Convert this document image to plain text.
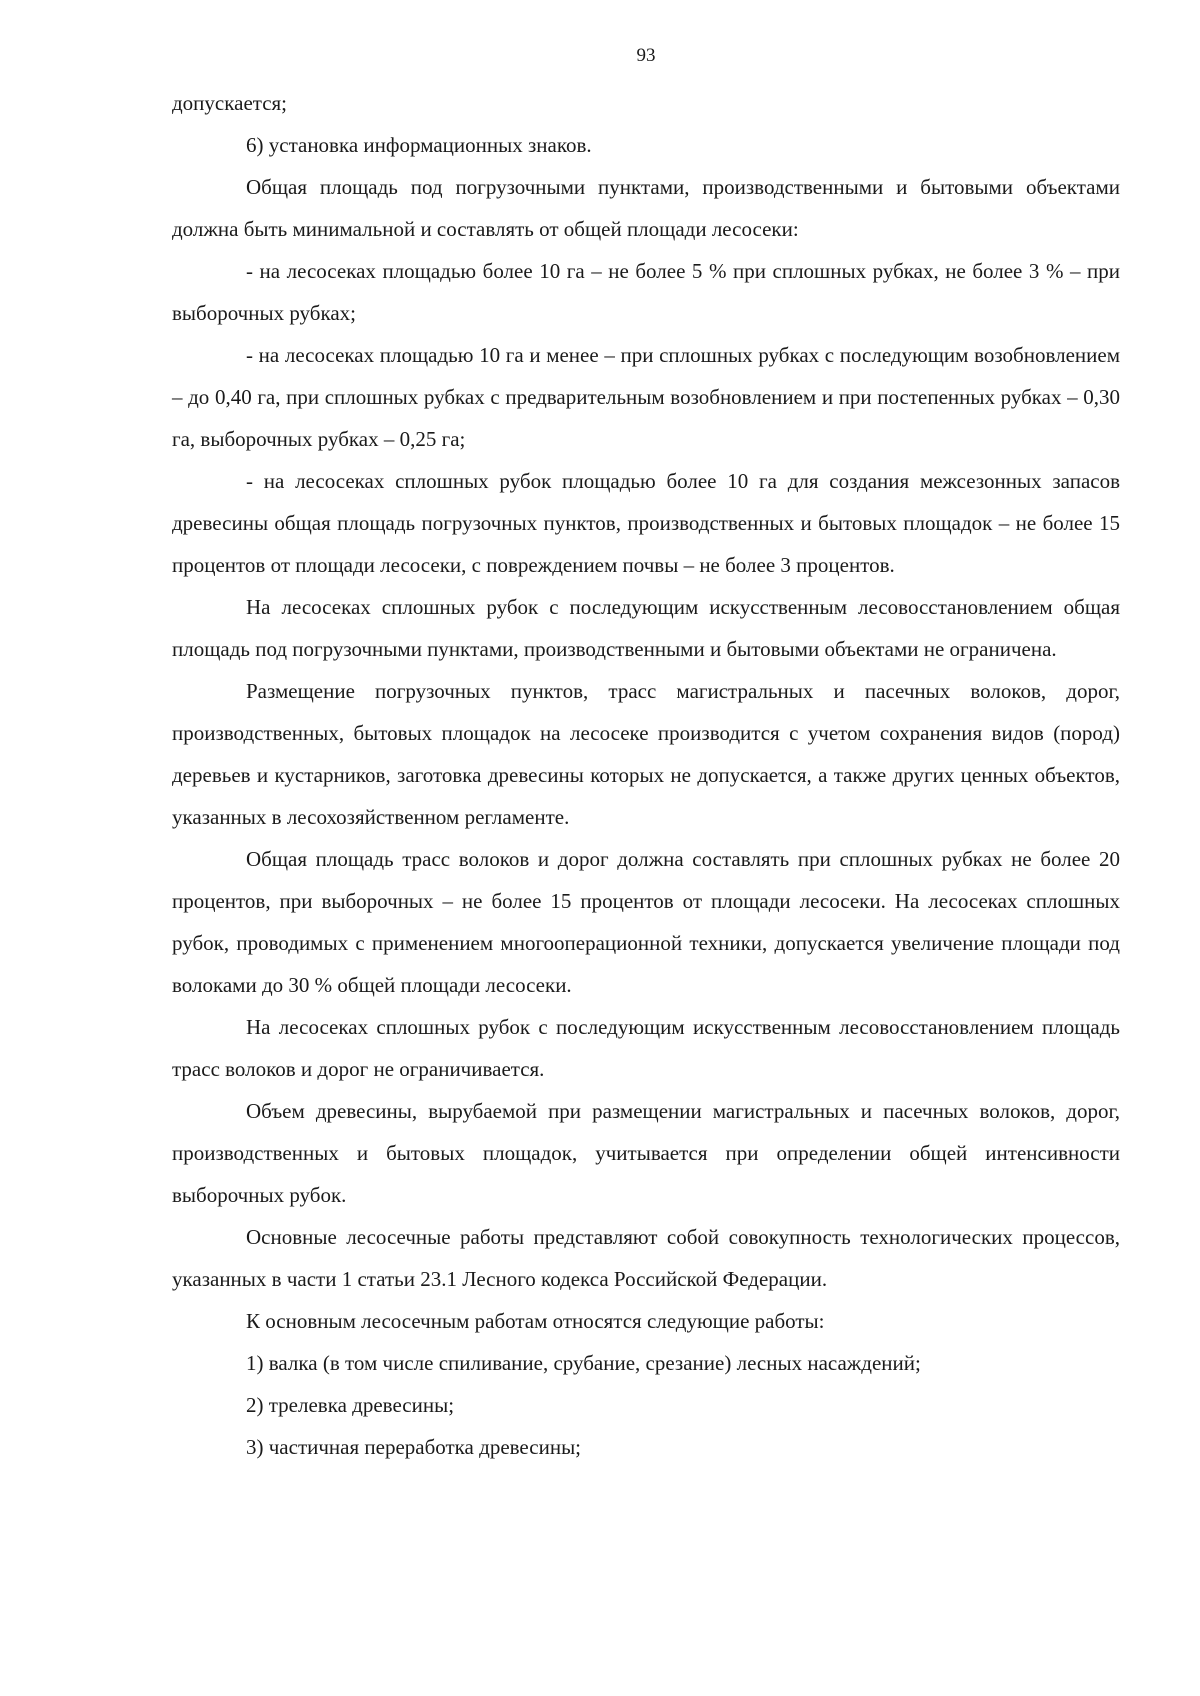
93

допускается;

6) установка информационных знаков.

Общая площадь под погрузочными пунктами, производственными и бытовыми объектами должна быть минимальной и составлять от общей площади лесосеки:

- на лесосеках площадью более 10 га – не более 5 % при сплошных рубках, не более 3 % – при выборочных рубках;

- на лесосеках площадью 10 га и менее – при сплошных рубках с последующим возобновлением – до 0,40 га, при сплошных рубках с предварительным возобновлением и при постепенных рубках – 0,30 га, выборочных рубках – 0,25 га;

- на лесосеках сплошных рубок площадью более 10 га для создания межсезонных запасов древесины общая площадь погрузочных пунктов, производственных и бытовых площадок – не более 15 процентов от площади лесосеки, с повреждением почвы – не более 3 процентов.

На лесосеках сплошных рубок с последующим искусственным лесовосстановлением общая площадь под погрузочными пунктами, производственными и бытовыми объектами не ограничена.

Размещение погрузочных пунктов, трасс магистральных и пасечных волоков, дорог, производственных, бытовых площадок на лесосеке производится с учетом сохранения видов (пород) деревьев и кустарников, заготовка древесины которых не допускается, а также других ценных объектов, указанных в лесохозяйственном регламенте.

Общая площадь трасс волоков и дорог должна составлять при сплошных рубках не более 20 процентов, при выборочных – не более 15 процентов от площади лесосеки. На лесосеках сплошных рубок, проводимых с применением многооперационной техники, допускается увеличение площади под волоками до 30 % общей площади лесосеки.

На лесосеках сплошных рубок с последующим искусственным лесовосстановлением площадь трасс волоков и дорог не ограничивается.

Объем древесины, вырубаемой при размещении магистральных и пасечных волоков, дорог, производственных и бытовых площадок, учитывается при определении общей интенсивности выборочных рубок.

Основные лесосечные работы представляют собой совокупность технологических процессов, указанных в части 1 статьи 23.1 Лесного кодекса Российской Федерации.

К основным лесосечным работам относятся следующие работы:

1) валка (в том числе спиливание, срубание, срезание) лесных насаждений;

2) трелевка древесины;

3) частичная переработка древесины;
